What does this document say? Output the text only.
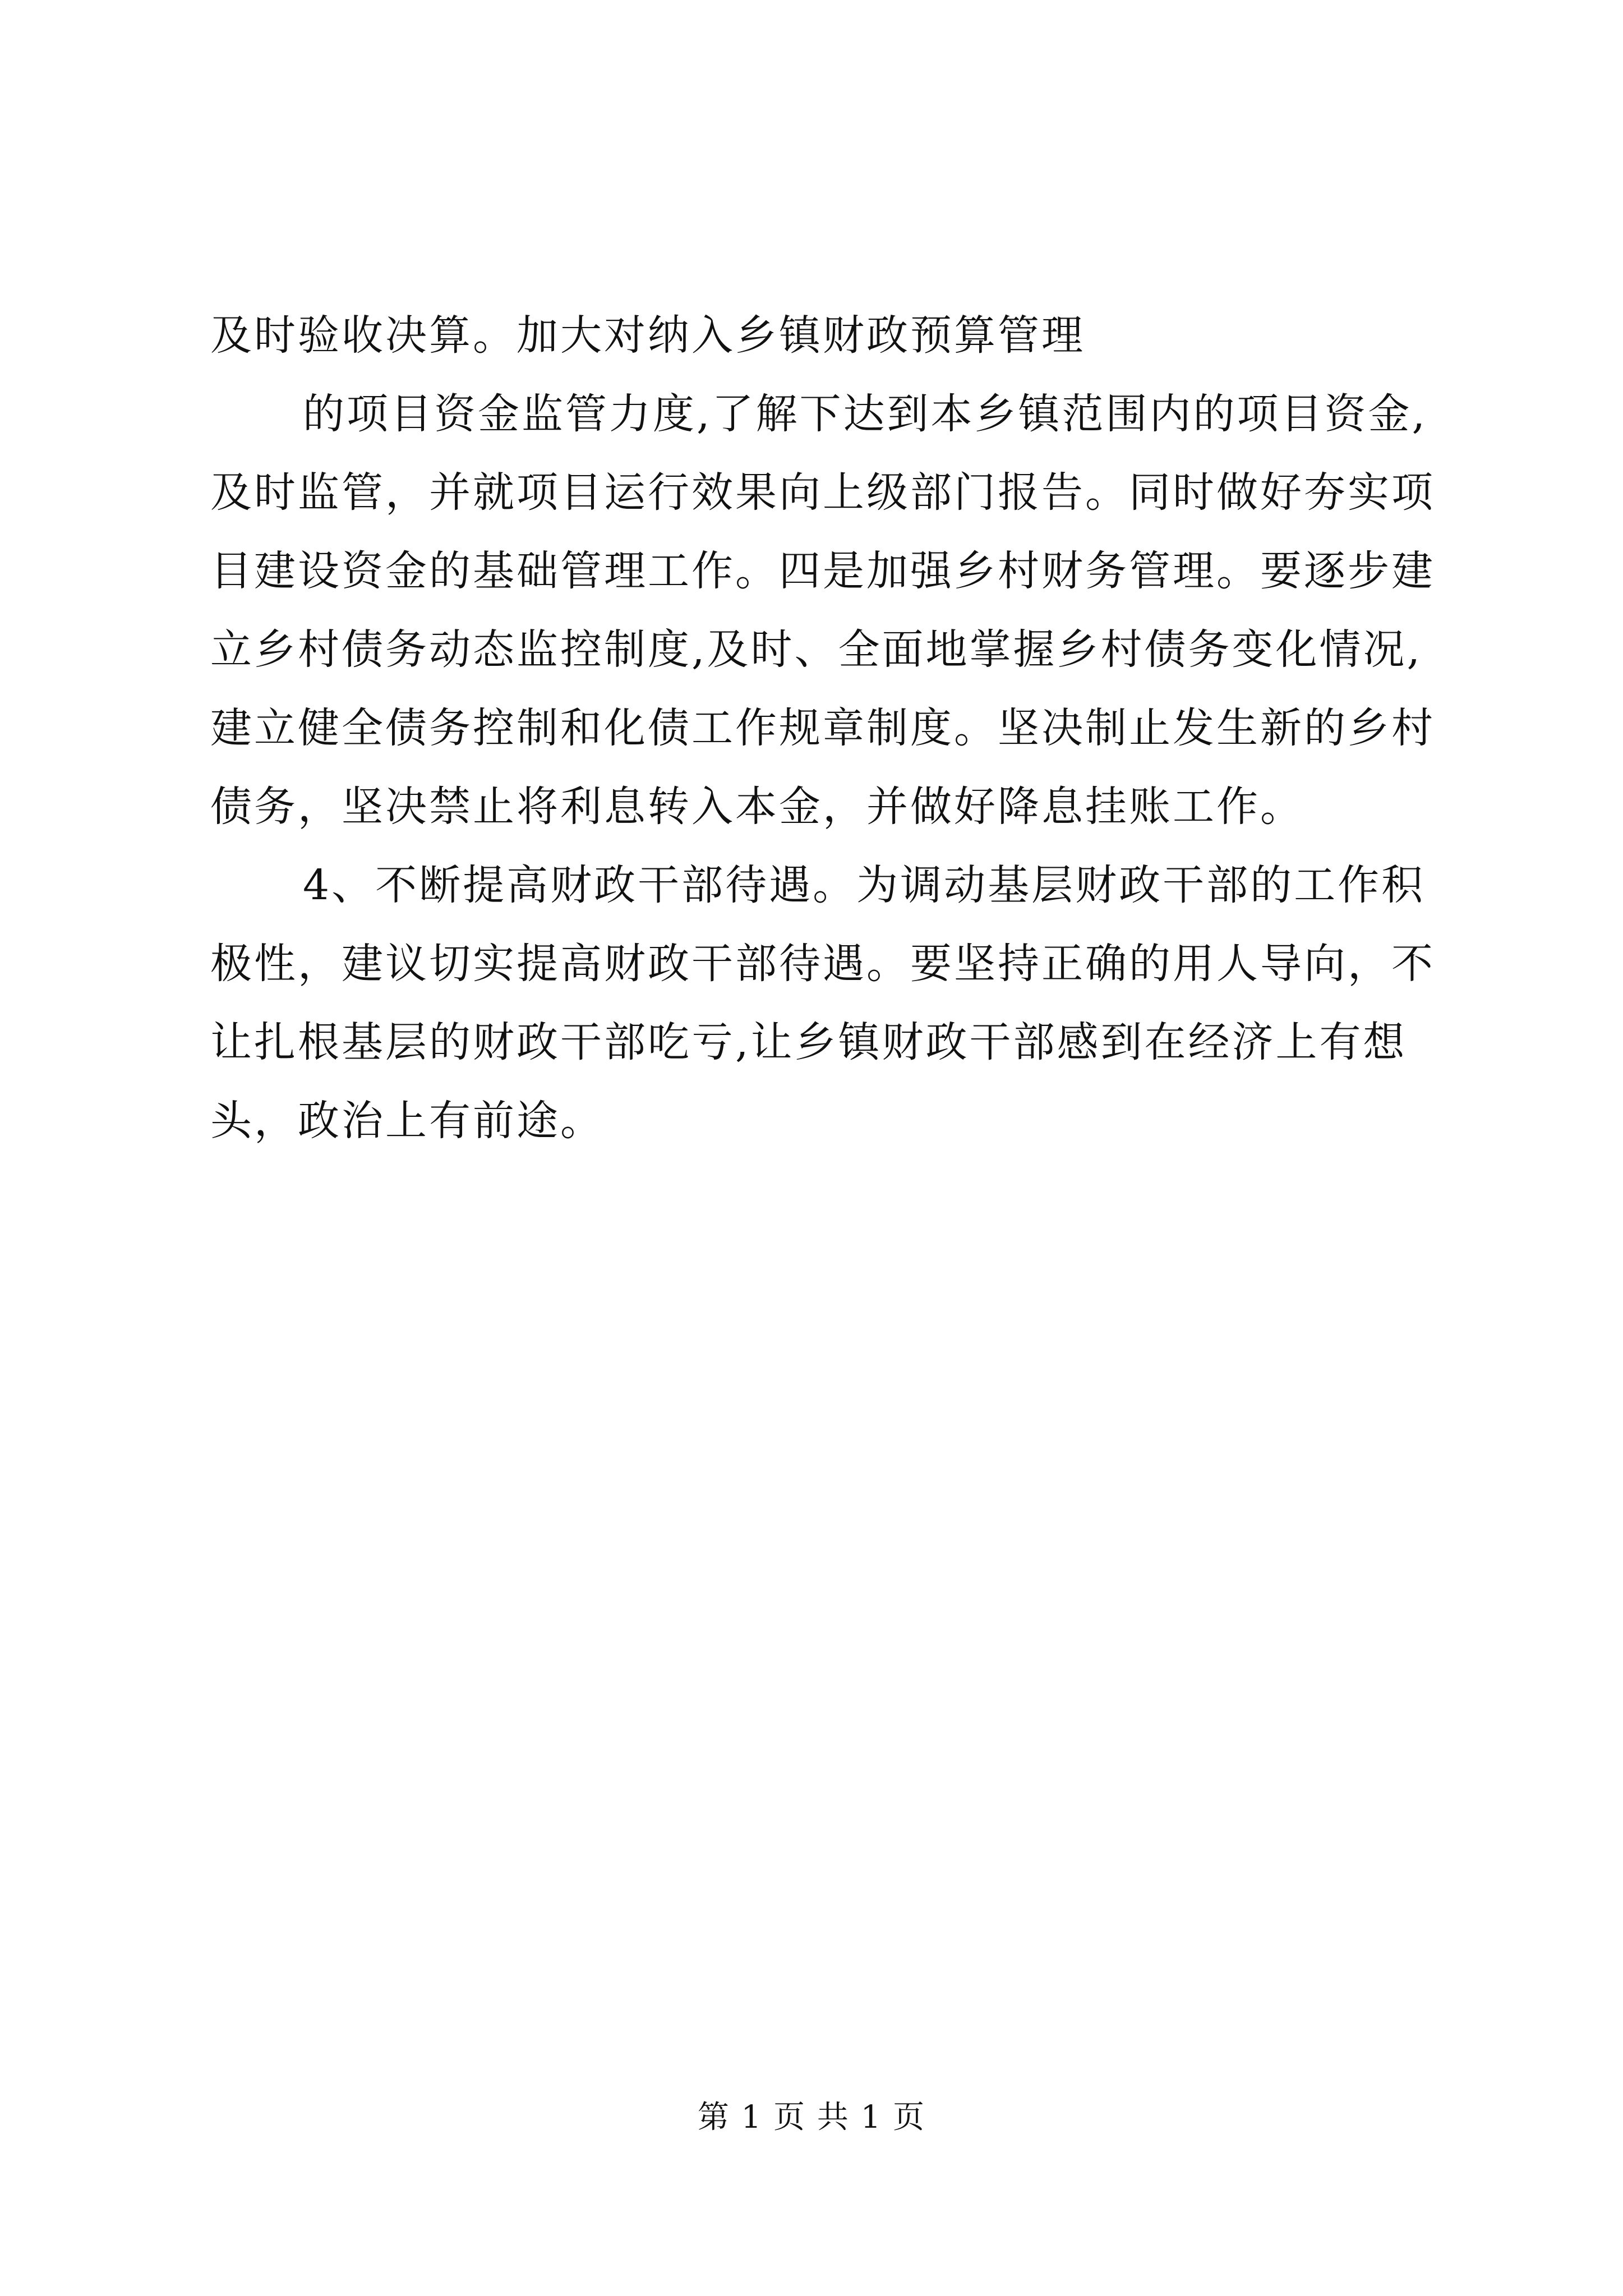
及时验收决算。加大对纳入乡镇财政预算管理
的项目资金监管力度,了解下达到本乡镇范围内的项目资金,
及时监管，并就项目运行效果向上级部门报告。同时做好夯实项
目建设资金的基础管理工作。四是加强乡村财务管理。要逐步建
立乡村债务动态监控制度,及时、全面地掌握乡村债务变化情况,
建立健全债务控制和化债工作规章制度。坚决制止发生新的乡村
债务，坚决禁止将利息转入本金，并做好降息挂账工作。
4、不断提高财政干部待遇。为调动基层财政干部的工作积
极性，建议切实提高财政干部待遇。要坚持正确的用人导向，不
让扎根基层的财政干部吃亏,让乡镇财政干部感到在经济上有想
头，政治上有前途。
第 1 页 共 1 页
